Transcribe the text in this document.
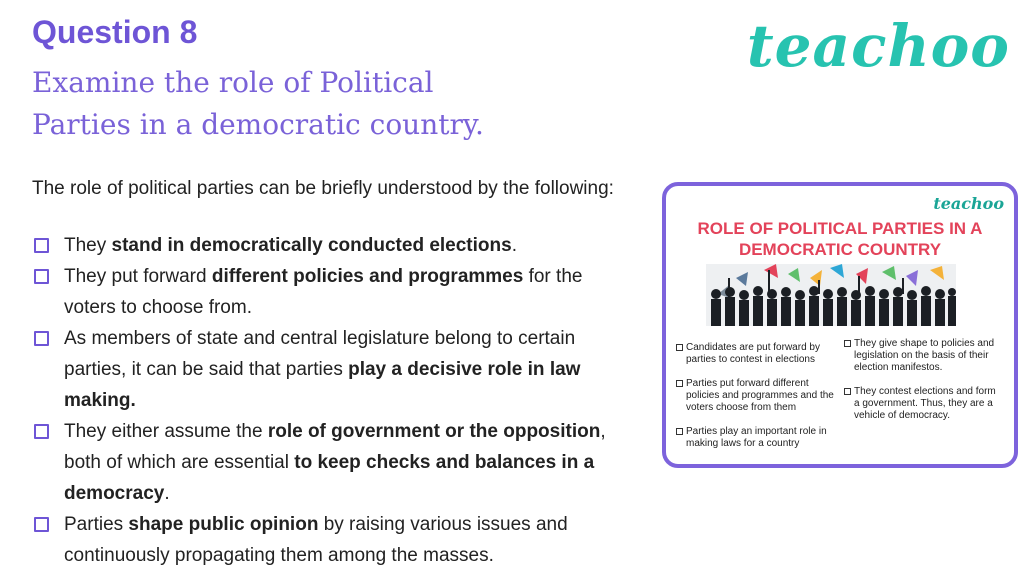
Question 8
Examine the role of Political
Parties in a democratic country.
teachoo
The role of political parties can be briefly understood by the following:
They stand in democratically conducted elections.
They put forward different policies and programmes for the voters to choose from.
As members of state and central legislature belong to certain parties, it can be said that parties play a decisive role in law making.
They either assume the role of government or the opposition, both of which are essential to keep checks and balances in a democracy.
Parties shape public opinion by raising various issues and continuously propagating them among the masses.
teachoo
ROLE OF POLITICAL PARTIES IN A
DEMOCRATIC COUNTRY
Candidates are put forward by parties to contest in elections
Parties put forward different policies and programmes and the voters choose from them
Parties play an important role in making laws for a country
They give shape to policies and legislation on the basis of their election manifestos.
They contest elections and form a government. Thus, they are a vehicle of democracy.
